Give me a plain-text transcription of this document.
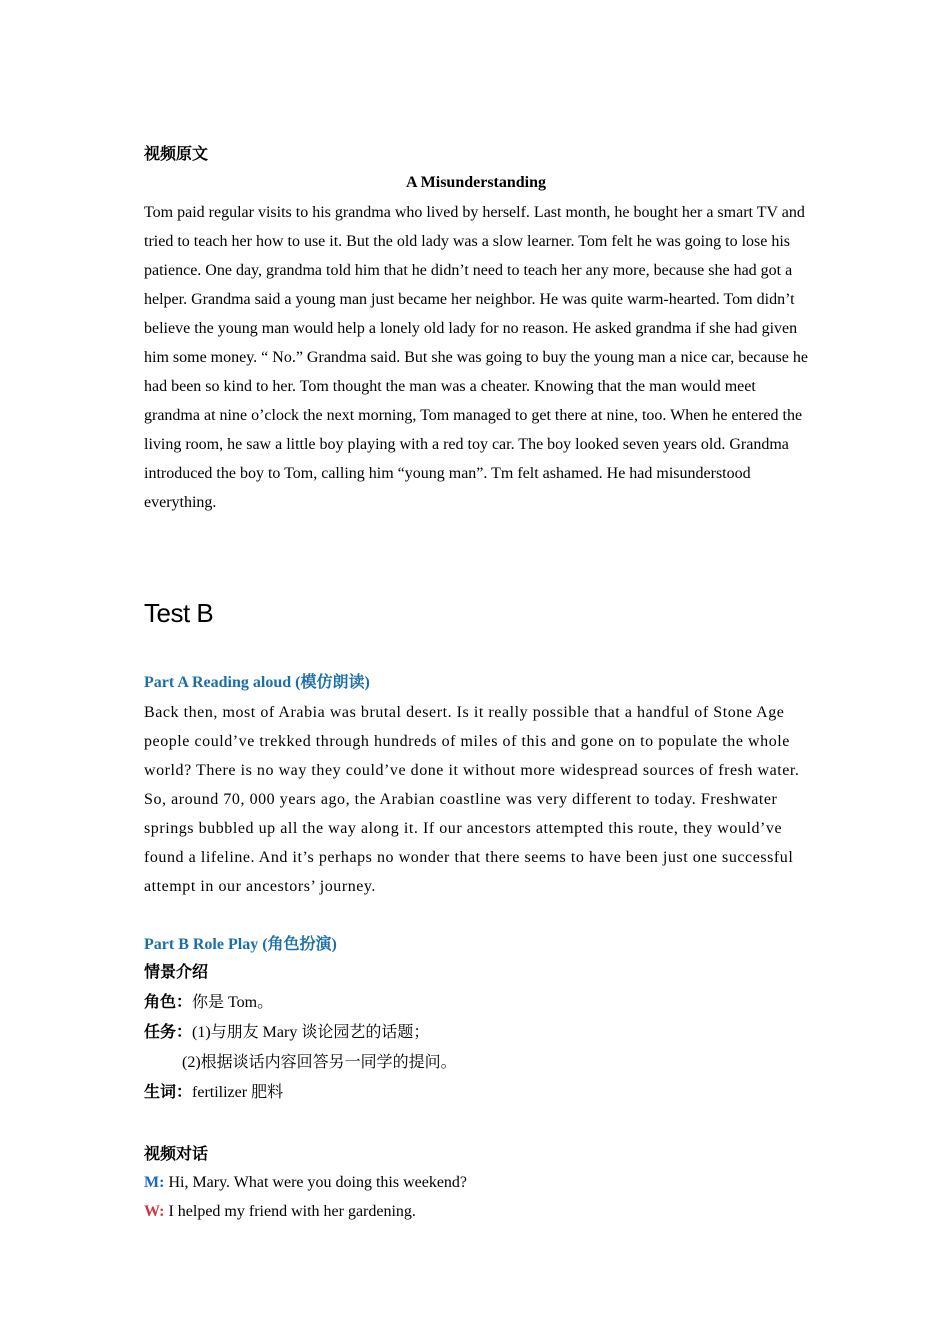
视频原文

A Misunderstanding

Tom paid regular visits to his grandma who lived by herself. Last month, he bought her a smart TV and tried to teach her how to use it. But the old lady was a slow learner. Tom felt he was going to lose his patience. One day, grandma told him that he didn’t need to teach her any more, because she had got a helper. Grandma said a young man just became her neighbor. He was quite warm-hearted. Tom didn’t believe the young man would help a lonely old lady for no reason. He asked grandma if she had given him some money. “ No.” Grandma said. But she was going to buy the young man a nice car, because he had been so kind to her. Tom thought the man was a cheater. Knowing that the man would meet grandma at nine o’clock the next morning, Tom managed to get there at nine, too. When he entered the living room, he saw a little boy playing with a red toy car. The boy looked seven years old. Grandma introduced the boy to Tom, calling him “young man”. Tm felt ashamed. He had misunderstood everything.

Test B

Part A Reading aloud (模仿朗读)

Back then, most of Arabia was brutal desert. Is it really possible that a handful of Stone Age people could’ve trekked through hundreds of miles of this and gone on to populate the whole world? There is no way they could’ve done it without more widespread sources of fresh water. So, around 70, 000 years ago, the Arabian coastline was very different to today. Freshwater springs bubbled up all the way along it. If our ancestors attempted this route, they would’ve found a lifeline. And it’s perhaps no wonder that there seems to have been just one successful attempt in our ancestors’ journey.

Part B Role Play (角色扮演)

情景介绍

角色：你是 Tom。

任务：(1)与朋友 Mary 谈论园艺的话题；

(2)根据谈话内容回答另一同学的提问。

生词：fertilizer 肥料

视频对话

M: Hi, Mary. What were you doing this weekend?

W: I helped my friend with her gardening.
